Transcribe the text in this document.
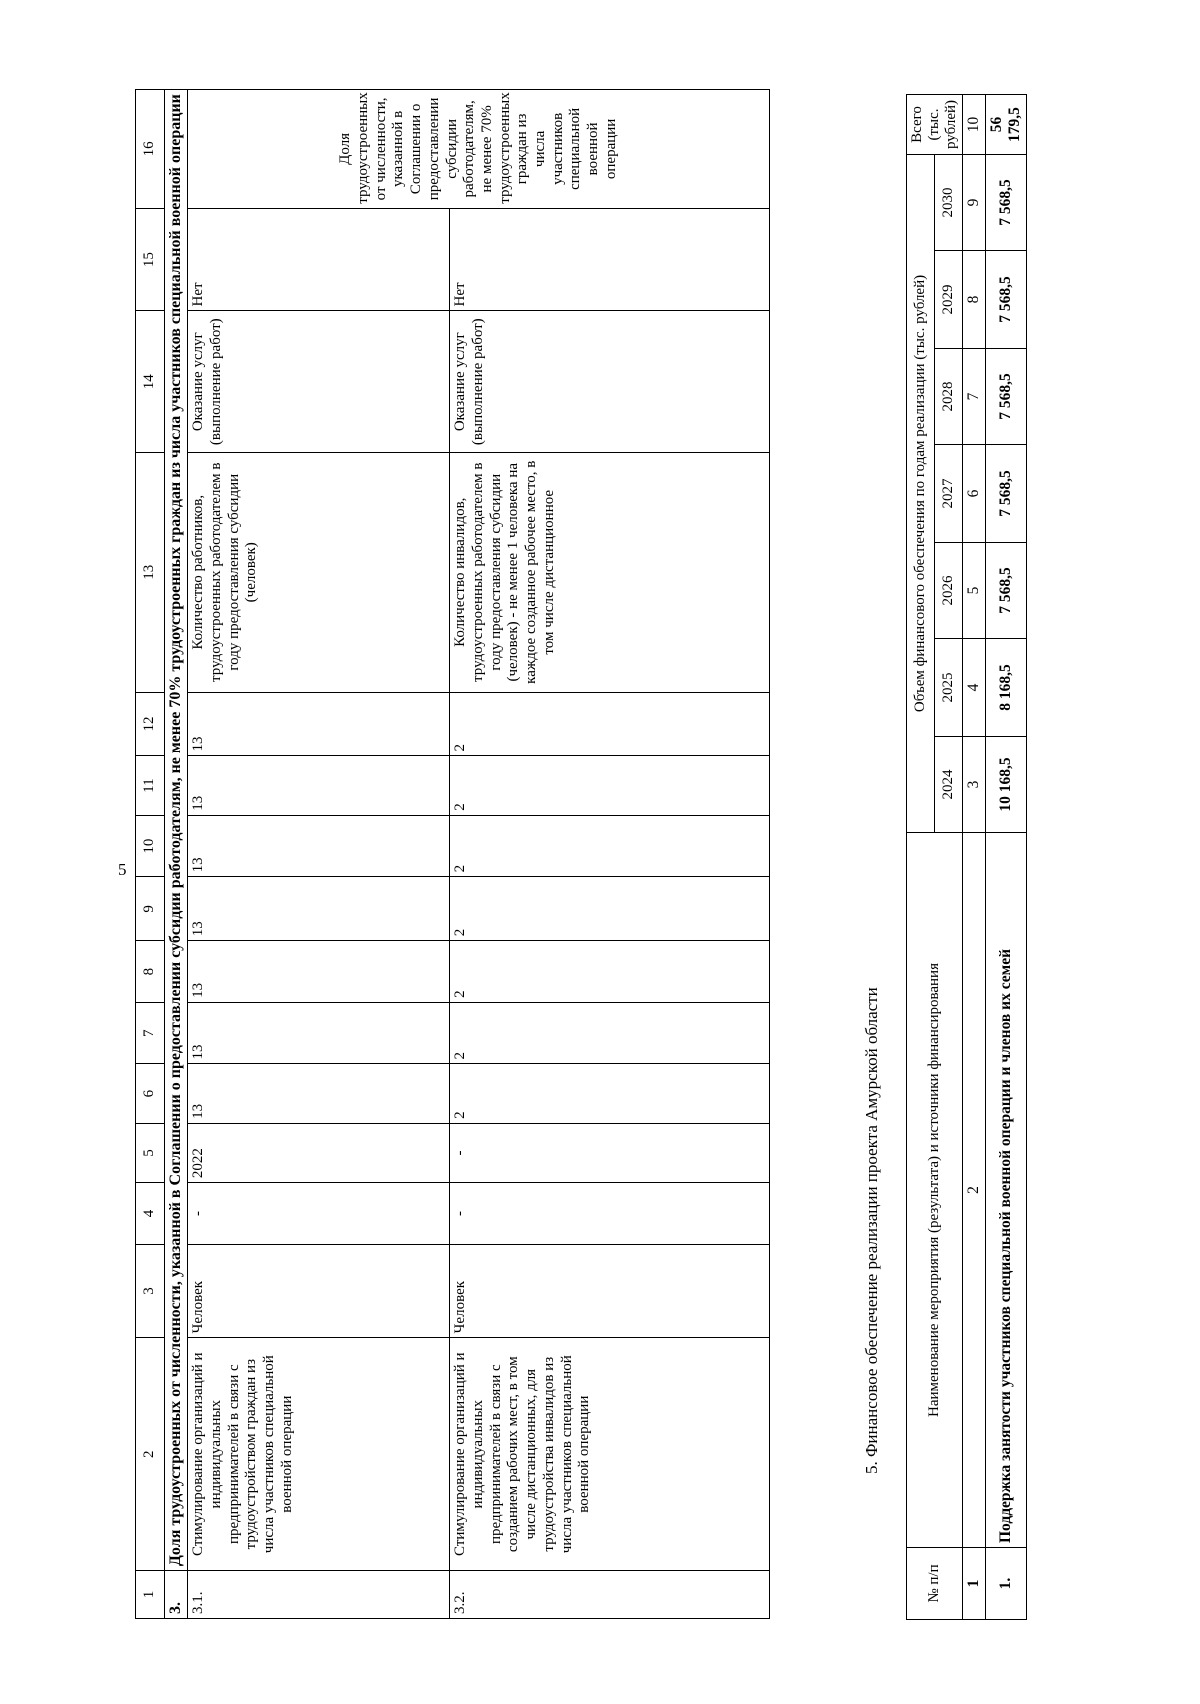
5
1	2	3	4	5	6	7	8	9	10	11	12	13	14	15	16
3.	Доля трудоустроенных от численности, указанной в Соглашении о предоставлении субсидии работодателям, не менее 70% трудоустроенных граждан из числа участников специальной военной операции														
3.1.	Стимулирование организаций и индивидуальных предпринимателей в связи с трудоустройством граждан из числа участников специальной военной операции	Человек	-	2022	13	13	13	13	13	13	13	Количество работников, трудоустроенных работодателем в году предоставления субсидии (человек)	Оказание услуг (выполнение работ)	Нет	Доля трудоустроенных от численности, указанной в Соглашении о предоставлении субсидии работодателям, не менее 70% трудоустроенных граждан из числа участников специальной военной операции
3.2.	Стимулирование организаций и индивидуальных предпринимателей в связи с созданием рабочих мест, в том числе дистанционных, для трудоустройства инвалидов из числа участников специальной военной операции	Человек	-	-	2	2	2	2	2	2	2	Количество инвалидов, трудоустроенных работодателем в году предоставления субсидии (человек) - не менее 1 человека на каждое созданное рабочее место, в том числе дистанционное	Оказание услуг (выполнение работ)	Нет	
5. Финансовое обеспечение реализации проекта Амурской области
№ п/п	Наименование мероприятия (результата) и источники финансирования	Объем финансового обеспечения по годам реализации (тыс. рублей)							Всего (тыс. рублей)
		2024	2025	2026	2027	2028	2029	2030	
1	2	3	4	5	6	7	8	9	10
1.	Поддержка занятости участников специальной военной операции и членов их семей	10 168,5	8 168,5	7 568,5	7 568,5	7 568,5	7 568,5	7 568,5	56 179,5
